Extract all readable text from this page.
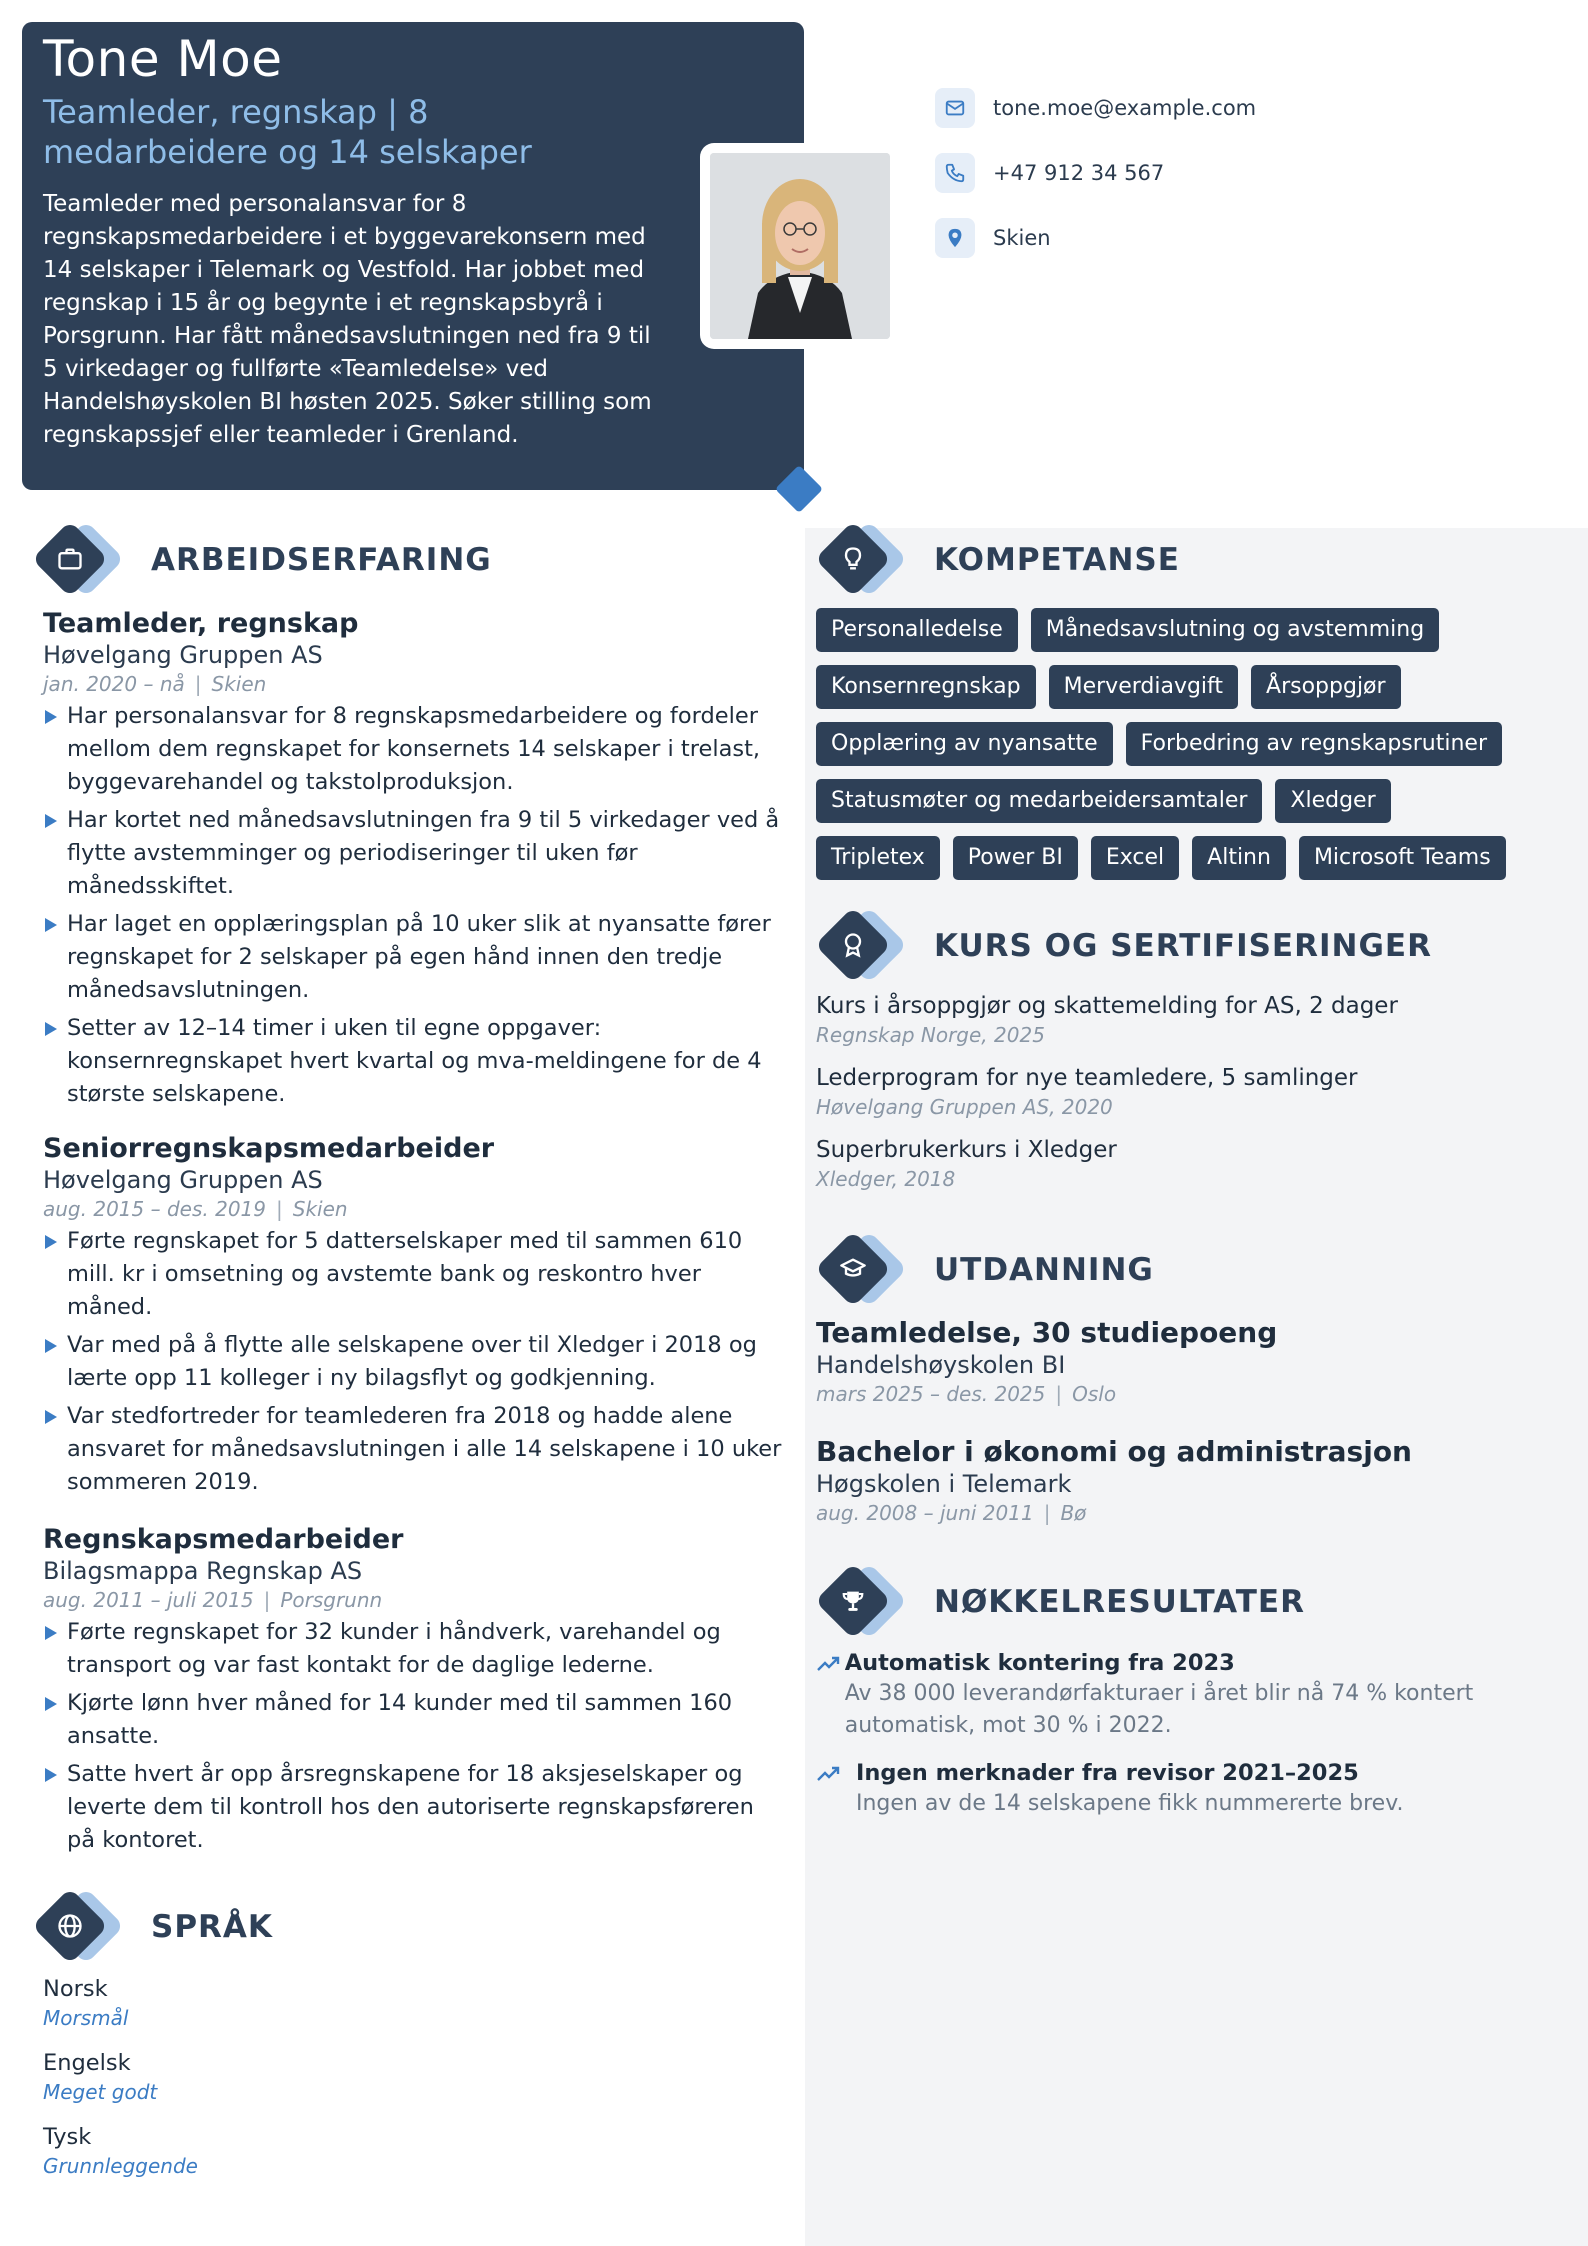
Tone Moe
Teamleder, regnskap | 8 medarbeidere og 14 selskaper
Teamleder med personalansvar for 8 regnskapsmedarbeidere i et byggevarekonsern med 14 selskaper i Telemark og Vestfold. Har jobbet med regnskap i 15 år og begynte i et regnskapsbyrå i Porsgrunn. Har fått månedsavslutningen ned fra 9 til 5 virkedager og fullførte «Teamledelse» ved Handelshøyskolen BI høsten 2025. Søker stilling som regnskapssjef eller teamleder i Grenland.
tone.moe@example.com
+47 912 34 567
Skien
ARBEIDSERFARING
Teamleder, regnskap
Høvelgang Gruppen AS
jan. 2020 – nå | Skien
Har personalansvar for 8 regnskapsmedarbeidere og fordeler mellom dem regnskapet for konsernets 14 selskaper i trelast, byggevarehandel og takstolproduksjon.
Har kortet ned månedsavslutningen fra 9 til 5 virkedager ved å flytte avstemminger og periodiseringer til uken før månedsskiftet.
Har laget en opplæringsplan på 10 uker slik at nyansatte fører regnskapet for 2 selskaper på egen hånd innen den tredje månedsavslutningen.
Setter av 12–14 timer i uken til egne oppgaver: konsernregnskapet hvert kvartal og mva-meldingene for de 4 største selskapene.
Seniorregnskapsmedarbeider
Høvelgang Gruppen AS
aug. 2015 – des. 2019 | Skien
Førte regnskapet for 5 datterselskaper med til sammen 610 mill. kr i omsetning og avstemte bank og reskontro hver måned.
Var med på å flytte alle selskapene over til Xledger i 2018 og lærte opp 11 kolleger i ny bilagsflyt og godkjenning.
Var stedfortreder for teamlederen fra 2018 og hadde alene ansvaret for månedsavslutningen i alle 14 selskapene i 10 uker sommeren 2019.
Regnskapsmedarbeider
Bilagsmappa Regnskap AS
aug. 2011 – juli 2015 | Porsgrunn
Førte regnskapet for 32 kunder i håndverk, varehandel og transport og var fast kontakt for de daglige lederne.
Kjørte lønn hver måned for 14 kunder med til sammen 160 ansatte.
Satte hvert år opp årsregnskapene for 18 aksjeselskaper og leverte dem til kontroll hos den autoriserte regnskapsføreren på kontoret.
SPRÅK
Norsk
Morsmål
Engelsk
Meget godt
Tysk
Grunnleggende
KOMPETANSE
Personalledelse	Månedsavslutning og avstemming
Konsernregnskap	Merverdiavgift	Årsoppgjør
Opplæring av nyansatte	Forbedring av regnskapsrutiner
Statusmøter og medarbeidersamtaler	Xledger
Tripletex	Power BI	Excel	Altinn	Microsoft Teams
KURS OG SERTIFISERINGER
Kurs i årsoppgjør og skattemelding for AS, 2 dager
Regnskap Norge, 2025
Lederprogram for nye teamledere, 5 samlinger
Høvelgang Gruppen AS, 2020
Superbrukerkurs i Xledger
Xledger, 2018
UTDANNING
Teamledelse, 30 studiepoeng
Handelshøyskolen BI
mars 2025 – des. 2025 | Oslo
Bachelor i økonomi og administrasjon
Høgskolen i Telemark
aug. 2008 – juni 2011 | Bø
NØKKELRESULTATER
Automatisk kontering fra 2023
Av 38 000 leverandørfakturaer i året blir nå 74 % kontert automatisk, mot 30 % i 2022.
Ingen merknader fra revisor 2021–2025
Ingen av de 14 selskapene fikk nummererte brev.
